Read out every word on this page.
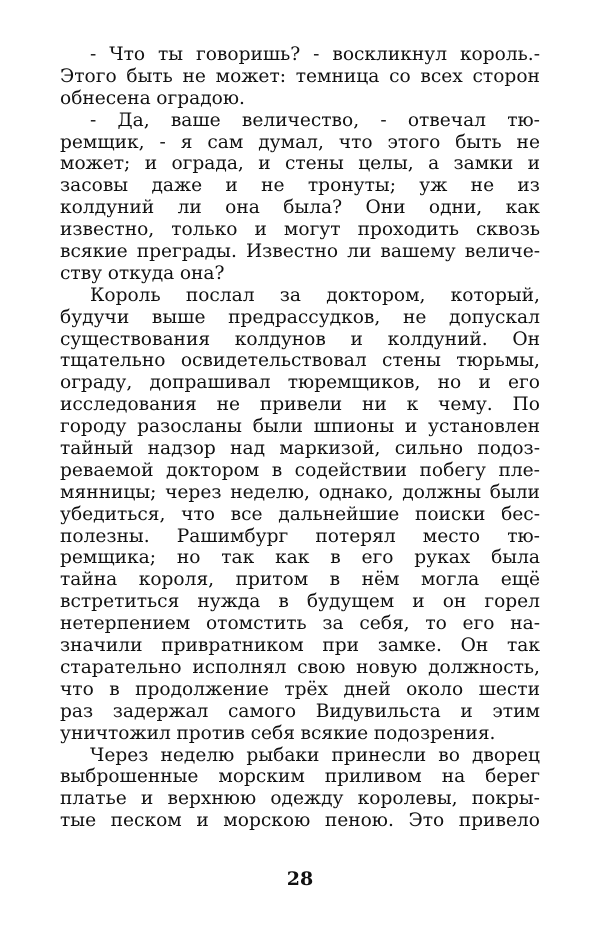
- Что ты говоришь? - воскликнул король.-
Этого быть не может: темница со всех сторон
обнесена оградою.
- Да, ваше величество, - отвечал тю-
ремщик, - я сам думал, что этого быть не
может; и ограда, и стены целы, а замки и
засовы даже и не тронуты; уж не из
колдуний ли она была? Они одни, как
известно, только и могут проходить сквозь
всякие преграды. Известно ли вашему величе-
ству откуда она?
Король послал за доктором, который,
будучи выше предрассудков, не допускал
существования колдунов и колдуний. Он
тщательно освидетельствовал стены тюрьмы,
ограду, допрашивал тюремщиков, но и его
исследования не привели ни к чему. По
городу разосланы были шпионы и установлен
тайный надзор над маркизой, сильно подоз-
реваемой доктором в содействии побегу пле-
мянницы; через неделю, однако, должны были
убедиться, что все дальнейшие поиски бес-
полезны. Рашимбург потерял место тю-
ремщика; но так как в его руках была
тайна короля, притом в нём могла ещё
встретиться нужда в будущем и он горел
нетерпением отомстить за себя, то его на-
значили привратником при замке. Он так
старательно исполнял свою новую должность,
что в продолжение трёх дней около шести
раз задержал самого Видувильста и этим
уничтожил против себя всякие подозрения.
Через неделю рыбаки принесли во дворец
выброшенные морским приливом на берег
платье и верхнюю одежду королевы, покры-
тые песком и морскою пеною. Это привело
28
